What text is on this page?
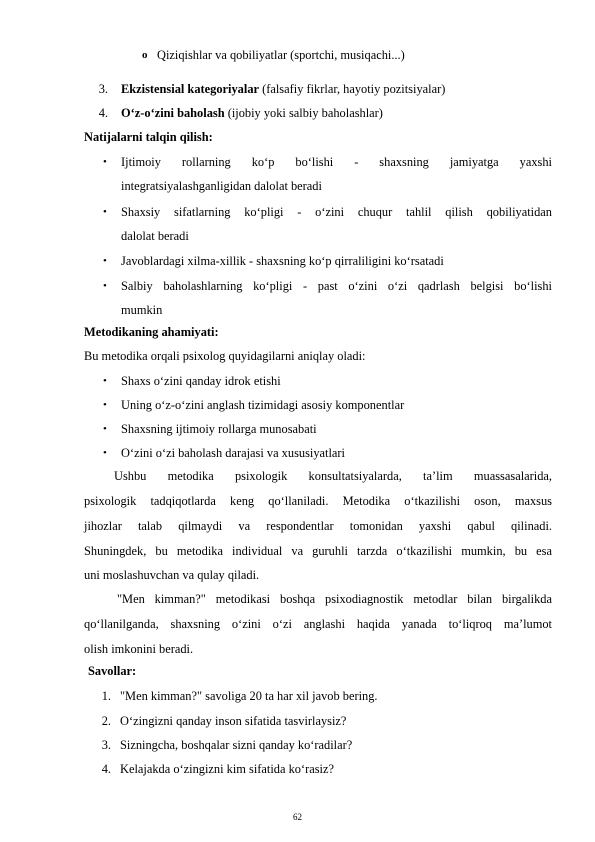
o Qiziqishlar va qobiliyatlar (sportchi, musiqachi...)
3. Ekzistensial kategoriyalar (falsafiy fikrlar, hayotiy pozitsiyalar)
4. O‘z-o‘zini baholash (ijobiy yoki salbiy baholashlar)
Natijalarni talqin qilish:
• Ijtimoiy rollarning ko‘p bo‘lishi - shaxsning jamiyatga yaxshi
integratsiyalashganligidan dalolat beradi
• Shaxsiy sifatlarning ko‘pligi - o‘zini chuqur tahlil qilish qobiliyatidan
dalolat beradi
• Javoblardagi xilma-xillik - shaxsning ko‘p qirraliligini ko‘rsatadi
• Salbiy baholashlarning ko‘pligi - past o‘zini o‘zi qadrlash belgisi bo‘lishi
mumkin
Metodikaning ahamiyati:
Bu metodika orqali psixolog quyidagilarni aniqlay oladi:
• Shaxs o‘zini qanday idrok etishi
• Uning o‘z-o‘zini anglash tizimidagi asosiy komponentlar
• Shaxsning ijtimoiy rollarga munosabati
• O‘zini o‘zi baholash darajasi va xususiyatlari
Ushbu metodika psixologik konsultatsiyalarda, ta’lim muassasalarida,
psixologik tadqiqotlarda keng qo‘llaniladi. Metodika o‘tkazilishi oson, maxsus
jihozlar talab qilmaydi va respondentlar tomonidan yaxshi qabul qilinadi.
Shuningdek, bu metodika individual va guruhli tarzda o‘tkazilishi mumkin, bu esa
uni moslashuvchan va qulay qiladi.
"Men kimman?" metodikasi boshqa psixodiagnostik metodlar bilan birgalikda
qo‘llanilganda, shaxsning o‘zini o‘zi anglashi haqida yanada to‘liqroq ma’lumot
olish imkonini beradi.
Savollar:
1. "Men kimman?" savoliga 20 ta har xil javob bering.
2. O‘zingizni qanday inson sifatida tasvirlaysiz?
3. Sizningcha, boshqalar sizni qanday ko‘radilar?
4. Kelajakda o‘zingizni kim sifatida ko‘rasiz?
62
